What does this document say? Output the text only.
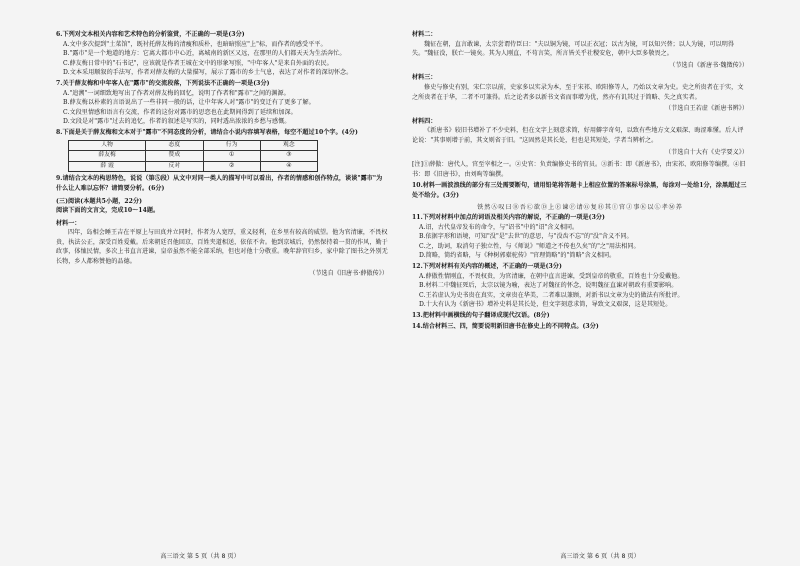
6.下列对文本相关内容和艺术特色的分析鉴赏，不正确的一项是(3分)
A.文中多次提到"土菜馆"，既衬托薛友梅的清瘦和质朴，也暗暗照应"上"标，而作者的感受平平。
B."露市"是一个地道的地方：它离大都市中心近，离城南的新区又远，在那里的人们都天天为生活奔忙。
C.薛友梅日常中的"石书记"，应该就是作者王城在文中的形象写照，"中年客人"是来自外面的农民。
D.文本采用顺叙的手法写，作者对薛友梅的大量描写，展示了露市的乡土气息，表达了对作者的深切怀念。
7.关于薛友梅和中年客人在"露市"的交流段落，下列说法不正确的一项是(3分)
A."追溯"一词细致地写出了作者对薛友梅的回忆，说明了作者和"露市"之间的渊源。
B.薛友梅以朴素的言语说出了一些非同一般的话，让中年客人对"露市"的变迁有了更多了解。
C.文段里情感和语言有交流，作者的这份对露市的思恋也在此期间得到了延续和加深。
D.文段是对"露市"过去的追忆，作者的叙述是写实的，同时透出浓浓的乡愁与感慨。
8.下面是关于薛友梅和文本对于"露市"不同态度的分析，请结合小说内容填写表格，每空不超过10个字。(4分)
人物	态度	行为	观念
薛友梅	赞成	①	③
薛 霞	反对	②	④
9.请结合文本的构思特色，说说（第⑤段）从文中对同一类人的描写中可以看出，作者的情感和创作特点，谈谈"露市"为什么让人难以忘怀？请简要分析。(6分)
(三)阅读(本题共5小题，22分)
阅读下面的文言文，完成10～14题。
材料一：
四年，岛相会睡王吉在平原上与田真并立同时，作者为人宽厚，重义轻利，在乡里有较高的威望。他为官清廉，不畏权贵，执法公正，深受百姓爱戴。后来朝廷召他回京，百姓夹道相送，依依不舍。他到京城后，仍然保持着一贯的作风，勤于政事，体恤民情，多次上书直言进谏，皇帝虽然不能全部采纳，但也对他十分敬重。晚年辞官归乡，家中除了图书之外别无长物，乡人都称赞他的品德。
（节选自《旧唐书·薛傲传》）
高三语文 第 5 页（共 8 页）
材料二：
魏征在朝，直言敢谏，太宗尝谓侍臣曰："夫以铜为镜，可以正衣冠；以古为镜，可以知兴替；以人为镜，可以明得失。"魏征没，朕亡一镜矣。其为人刚直，不苟言笑，所言皆关乎社稷安危，朝中大臣多敬畏之。
（节选自《新唐书·魏徵传》）
材料三：
修史与修史有别，宋仁宗以前，史家多以实录为本，至于宋祁、欧阳修等人，乃始以文章为史。史之所贵者在于实，文之所贵者在于华，二者不可兼得。后之论者多以新书文省而事增为优，然亦有讥其过于简略、失之真实者。
（节选自王若虚《新唐书辨》）
材料四：
《新唐书》较旧书增补了不少史料，但在文字上刻意求简，好用僻字奇句，以致有些地方文义艰深、晦涩难懂。后人评论说："其事则增于前，其文则省于旧。"这固然是其长处，但也是其短处，学者当辨析之。
（节选自十大有《史学要义》）
[注]①薛傲：唐代人，官至宰相之一。②史官：负责编修史书的官员。③新书：即《新唐书》，由宋祁、欧阳修等编撰。④旧书：即《旧唐书》，由刘昫等编撰。
10.材料一画波浪线的部分有三处需要断句，请用铅笔将答题卡上相应位置的答案标号涂黑，每涂对一处给1分，涂黑超过三处不给分。(3分)
铁然Ⓐ叹曰Ⓑ吾Ⓒ欲Ⓓ上Ⓔ谏Ⓕ请Ⓖ复Ⓗ其Ⓘ官Ⓙ事Ⓚ以Ⓛ孝Ⓜ养
11.下列对材料中加点的词语及相关内容的解说，不正确的一项是(3分)
A.诏，古代皇帝发布的命令，与"诏书"中的"诏"含义相同。
B.依据字形和语境，可知"没"是"去世"的意思，与"没齿不忘"的"没"含义不同。
C.之，助词，取消句子独立性，与《师说》"师道之不传也久矣"的"之"用法相同。
D.简略，简约省略，与《种树郭橐驼传》"官理简略"的"简略"含义相同。
12.下列对材料有关内容的概述，不正确的一项是(3分)
A.薛傲性情刚直，不畏权贵，为官清廉，在朝中直言进谏，受到皇帝的敬重，百姓也十分爱戴他。
B.材料二中魏征死后，太宗以镜为喻，表达了对魏征的怀念，说明魏征直谏对朝政有重要影响。
C.王若虚认为史书贵在真实，文章贵在华美，二者难以兼顾，对新书以文章为史的做法有所批评。
D.十大有认为《新唐书》增补史料是其长处，但文字刻意求简，导致文义艰深，这是其短处。
13.把材料中画横线的句子翻译成现代汉语。(8分)
14.结合材料三、四，简要说明新旧唐书在修史上的不同特点。(3分)
高三语文 第 6 页（共 8 页）
